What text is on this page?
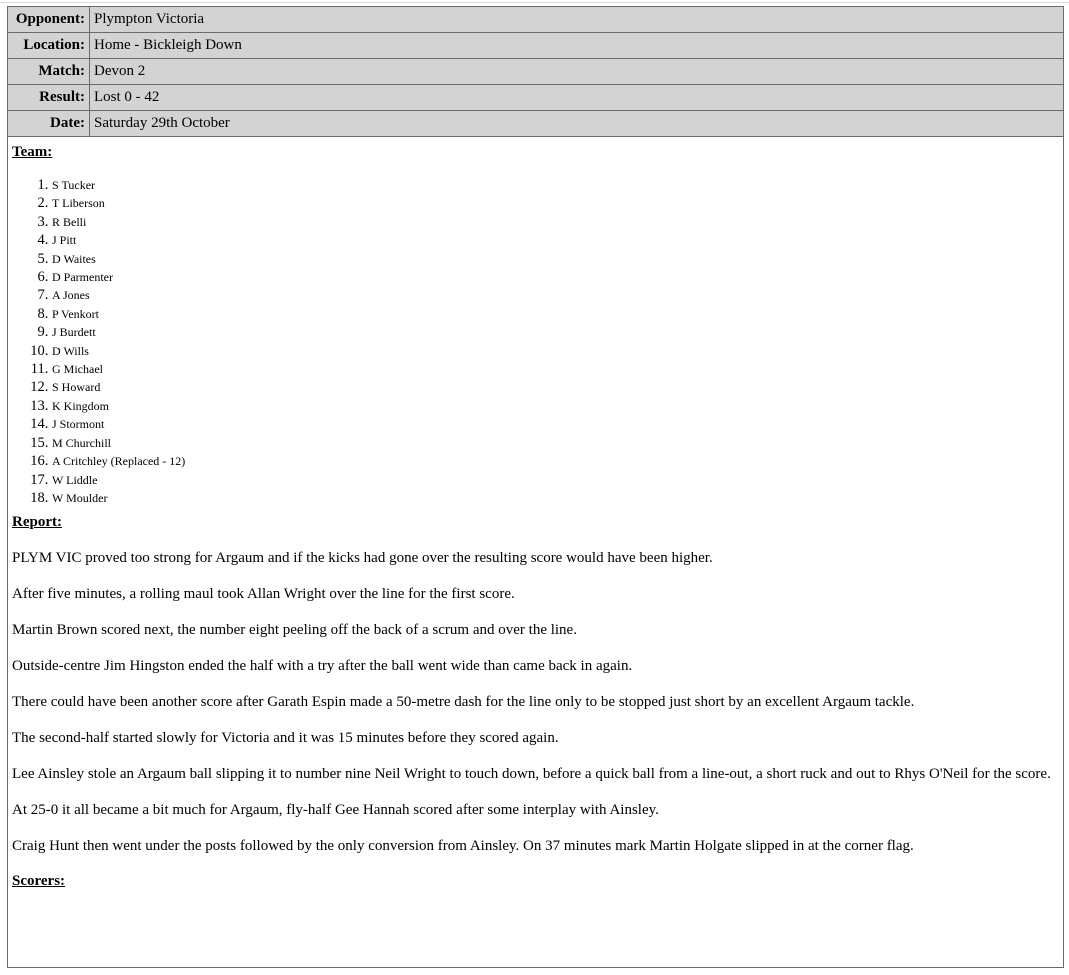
Opponent:	Plympton Victoria
Location:	Home - Bickleigh Down
Match:	Devon 2
Result:	Lost 0 - 42
Date:	Saturday 29th October
Team:
1. S Tucker
2. T Liberson
3. R Belli
4. J Pitt
5. D Waites
6. D Parmenter
7. A Jones
8. P Venkort
9. J Burdett
10. D Wills
11. G Michael
12. S Howard
13. K Kingdom
14. J Stormont
15. M Churchill
16. A Critchley (Replaced - 12)
17. W Liddle
18. W Moulder
Report:

PLYM VIC proved too strong for Argaum and if the kicks had gone over the resulting score would have been higher.

After five minutes, a rolling maul took Allan Wright over the line for the first score.

Martin Brown scored next, the number eight peeling off the back of a scrum and over the line.

Outside-centre Jim Hingston ended the half with a try after the ball went wide than came back in again.

There could have been another score after Garath Espin made a 50-metre dash for the line only to be stopped just short by an excellent Argaum tackle.

The second-half started slowly for Victoria and it was 15 minutes before they scored again.

Lee Ainsley stole an Argaum ball slipping it to number nine Neil Wright to touch down, before a quick ball from a line-out, a short ruck and out to Rhys O'Neil for the score.

At 25-0 it all became a bit much for Argaum, fly-half Gee Hannah scored after some interplay with Ainsley.

Craig Hunt then went under the posts followed by the only conversion from Ainsley. On 37 minutes mark Martin Holgate slipped in at the corner flag.

Scorers:
